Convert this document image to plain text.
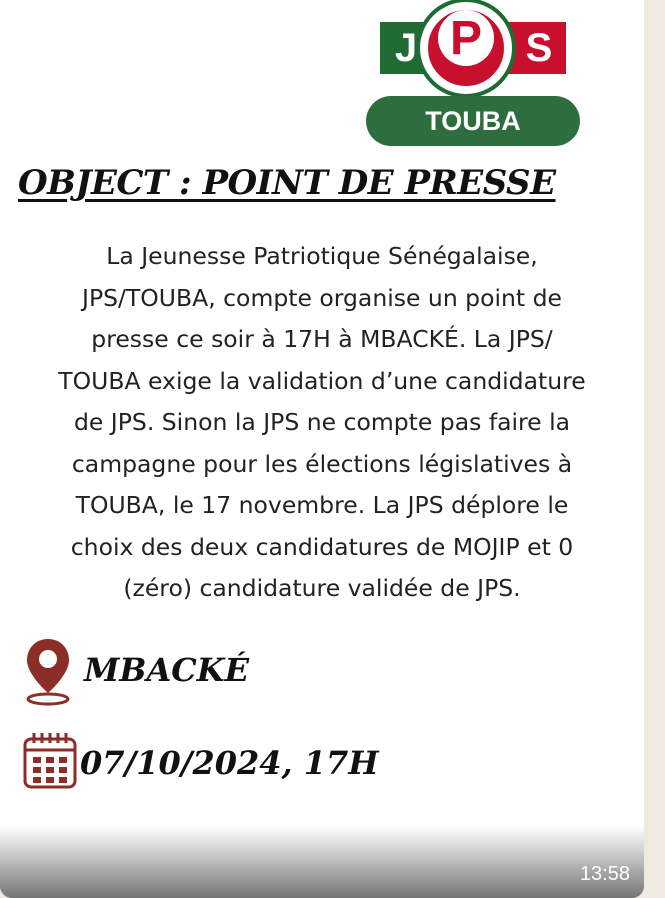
J	S
P
TOUBA
OBJECT : POINT DE PRESSE
La Jeunesse Patriotique Sénégalaise,
JPS/TOUBA, compte organise un point de
presse ce soir à 17H à MBACKÉ. La JPS/
TOUBA exige la validation d’une candidature
de JPS. Sinon la JPS ne compte pas faire la
campagne pour les élections législatives à
TOUBA, le 17 novembre. La JPS déplore le
choix des deux candidatures de MOJIP et 0
(zéro) candidature validée de JPS.
MBACKÉ
07/10/2024, 17H
13:58
